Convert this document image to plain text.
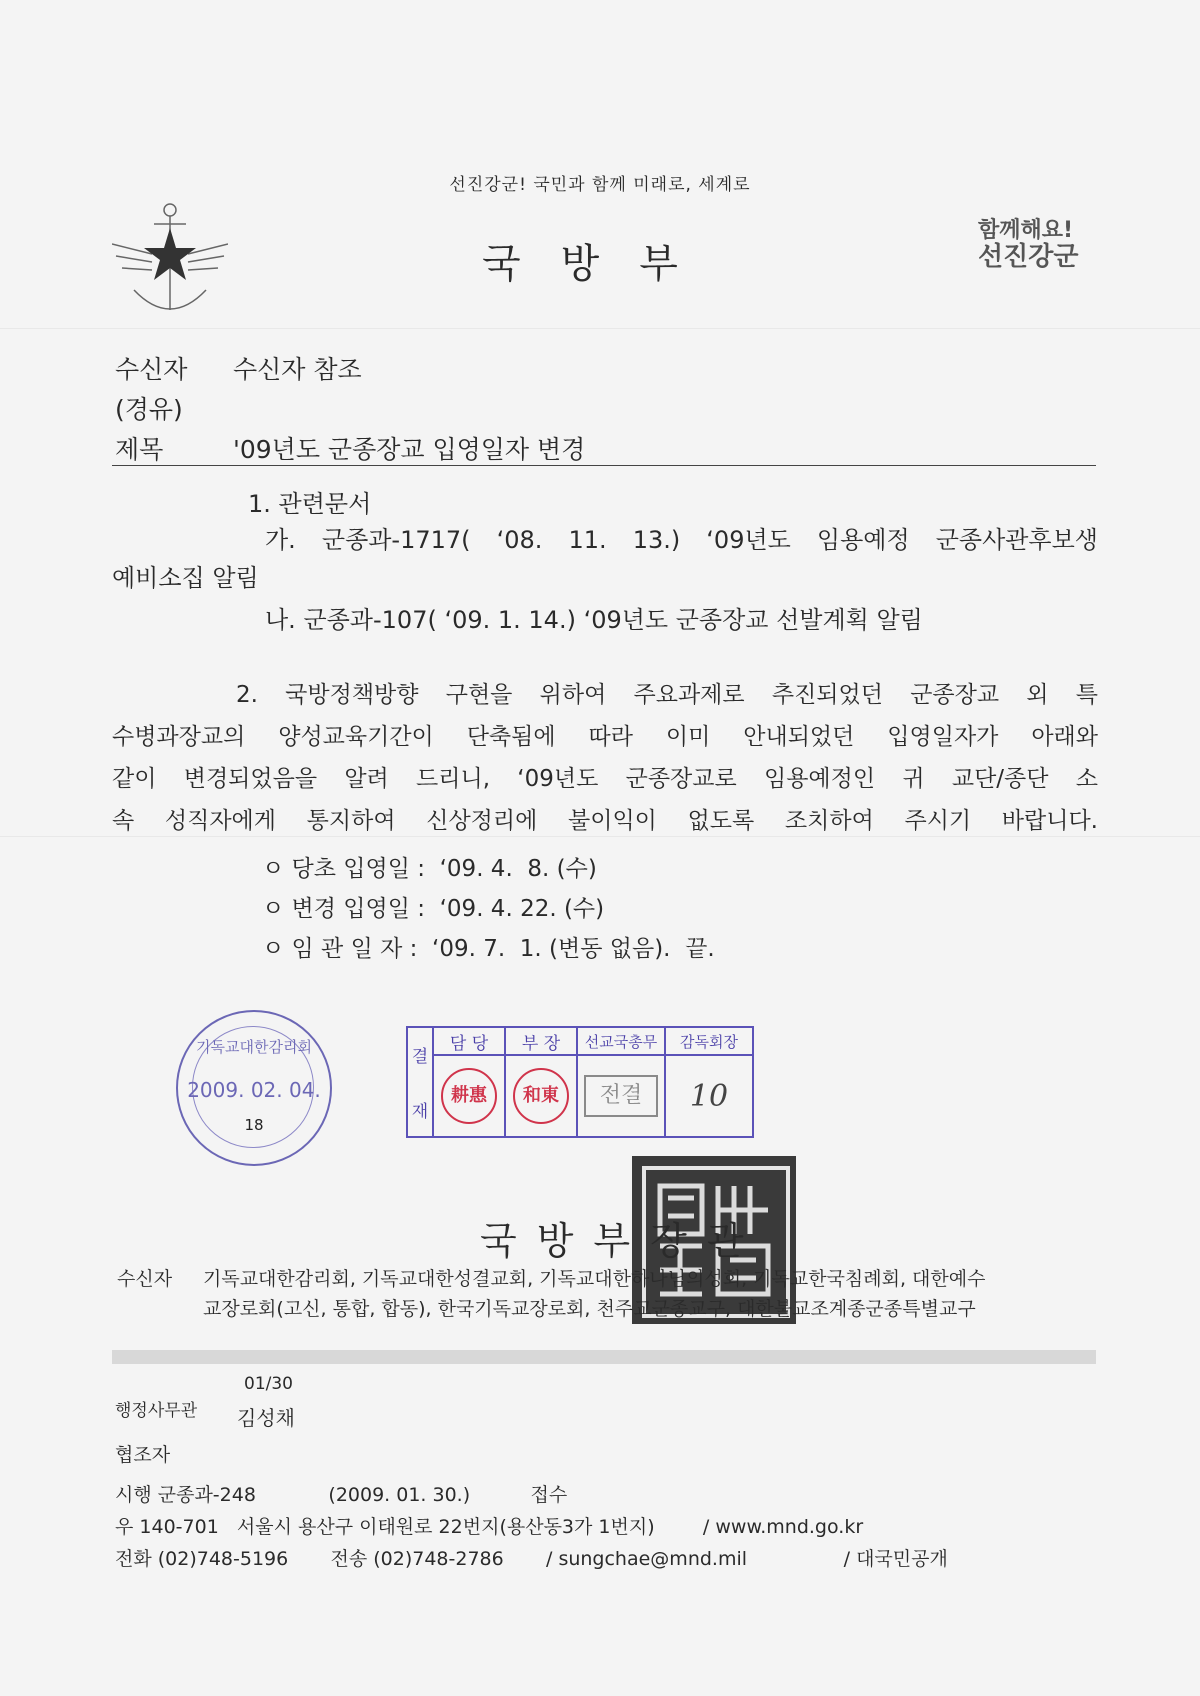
선진강군! 국민과 함께 미래로, 세계로
국방부
함께해요!
선진강군
수신자 수신자 참조
(경유)
제목	'09년도 군종장교 입영일자 변경
1. 관련문서
가. 군종과-1717( ‘08. 11. 13.) ‘09년도 임용예정 군종사관후보생
예비소집 알림
나. 군종과-107( ‘09. 1. 14.) ‘09년도 군종장교 선발계획 알림
2. 국방정책방향 구현을 위하여 주요과제로 추진되었던 군종장교 외 특
수병과장교의 양성교육기간이 단축됨에 따라 이미 안내되었던 입영일자가 아래와
같이 변경되었음을 알려 드리니, ‘09년도 군종장교로 임용예정인 귀 교단/종단 소
속 성직자에게 통지하여 신상정리에 불이익이 없도록 조치하여 주시기 바랍니다.
ㅇ 당초 입영일 :  ‘09. 4.  8. (수)
ㅇ 변경 입영일 :  ‘09. 4. 22. (수)
ㅇ 임 관 일 자 :  ‘09. 7.  1. (변동 없음).  끝.
기독교대한감리회
2009. 02. 04.
18
결
재	담 당	부 장	선교국총무	감독회장
	耕惠	和東	전결	10
국방부장관
수신자 기독교대한감리회, 기독교대한성결교회, 기독교대한하나님의성회, 기독교한국침례회, 대한예수
교장로회(고신, 통합, 합동), 한국기독교장로회, 천주교군종교구, 대한불교조계종군종특별교구
행정사무관
01/30
김성채
협조자
시행 군종과-248            (2009. 01. 30.)          접수
우 140-701   서울시 용산구 이태원로 22번지(용산동3가 1번지)        / www.mnd.go.kr
전화 (02)748-5196       전송 (02)748-2786       / sungchae@mnd.mil                / 대국민공개
